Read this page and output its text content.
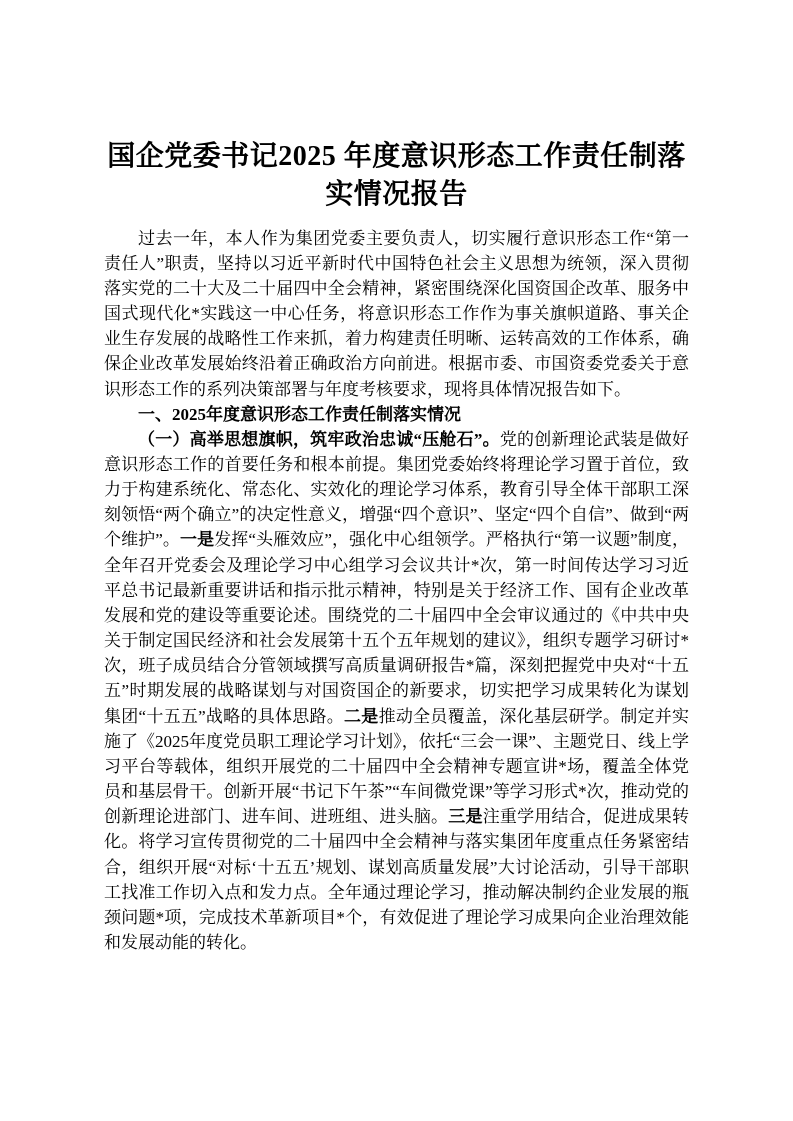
国企党委书记2025 年度意识形态工作责任制落实情况报告

过去一年，本人作为集团党委主要负责人，切实履行意识形态工作“第一责任人”职责，坚持以习近平新时代中国特色社会主义思想为统领，深入贯彻落实党的二十大及二十届四中全会精神，紧密围绕深化国资国企改革、服务中国式现代化*实践这一中心任务，将意识形态工作作为事关旗帜道路、事关企业生存发展的战略性工作来抓，着力构建责任明晰、运转高效的工作体系，确保企业改革发展始终沿着正确政治方向前进。根据市委、市国资委党委关于意识形态工作的系列决策部署与年度考核要求，现将具体情况报告如下。

一、2025年度意识形态工作责任制落实情况

（一）高举思想旗帜，筑牢政治忠诚“压舱石”。党的创新理论武装是做好意识形态工作的首要任务和根本前提。集团党委始终将理论学习置于首位，致力于构建系统化、常态化、实效化的理论学习体系，教育引导全体干部职工深刻领悟“两个确立”的决定性意义，增强“四个意识”、坚定“四个自信”、做到“两个维护”。一是发挥“头雁效应”，强化中心组领学。严格执行“第一议题”制度，全年召开党委会及理论学习中心组学习会议共计*次，第一时间传达学习习近平总书记最新重要讲话和指示批示精神，特别是关于经济工作、国有企业改革发展和党的建设等重要论述。围绕党的二十届四中全会审议通过的《中共中央关于制定国民经济和社会发展第十五个五年规划的建议》，组织专题学习研讨*次，班子成员结合分管领域撰写高质量调研报告*篇，深刻把握党中央对“十五五”时期发展的战略谋划与对国资国企的新要求，切实把学习成果转化为谋划集团“十五五”战略的具体思路。二是推动全员覆盖，深化基层研学。制定并实施了《2025年度党员职工理论学习计划》，依托“三会一课”、主题党日、线上学习平台等载体，组织开展党的二十届四中全会精神专题宣讲*场，覆盖全体党员和基层骨干。创新开展“书记下午茶”“车间微党课”等学习形式*次，推动党的创新理论进部门、进车间、进班组、进头脑。三是注重学用结合，促进成果转化。将学习宣传贯彻党的二十届四中全会精神与落实集团年度重点任务紧密结合，组织开展“对标‘十五五’规划、谋划高质量发展”大讨论活动，引导干部职工找准工作切入点和发力点。全年通过理论学习，推动解决制约企业发展的瓶颈问题*项，完成技术革新项目*个，有效促进了理论学习成果向企业治理效能和发展动能的转化。
